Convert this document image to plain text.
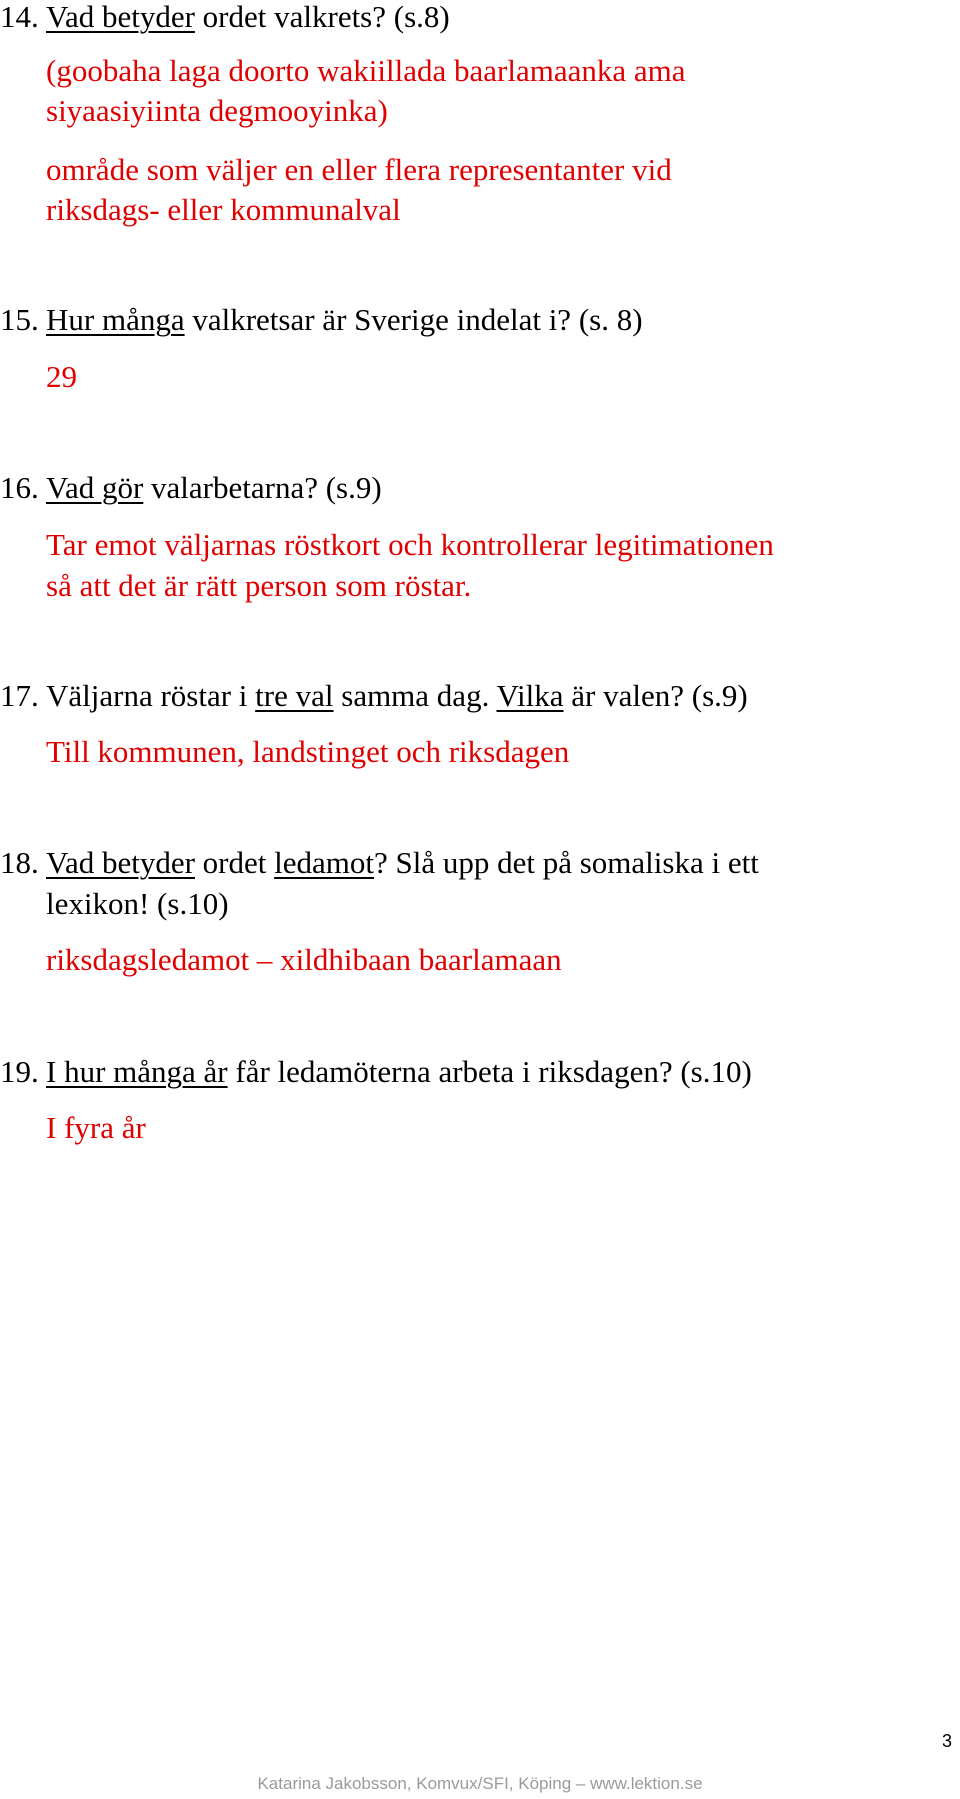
14. Vad betyder ordet valkrets? (s.8)
(goobaha laga doorto wakiillada baarlamaanka ama
siyaasiyiinta degmooyinka)
område som väljer en eller flera representanter vid
riksdags- eller kommunalval
15. Hur många valkretsar är Sverige indelat i? (s. 8)
29
16. Vad gör valarbetarna? (s.9)
Tar emot väljarnas röstkort och kontrollerar legitimationen
så att det är rätt person som röstar.
17. Väljarna röstar i tre val samma dag. Vilka är valen? (s.9)
Till kommunen, landstinget och riksdagen
18. Vad betyder ordet ledamot? Slå upp det på somaliska i ett
lexikon! (s.10)
riksdagsledamot – xildhibaan baarlamaan
19. I hur många år får ledamöterna arbeta i riksdagen? (s.10)
I fyra år
3
Katarina Jakobsson, Komvux/SFI, Köping – www.lektion.se
